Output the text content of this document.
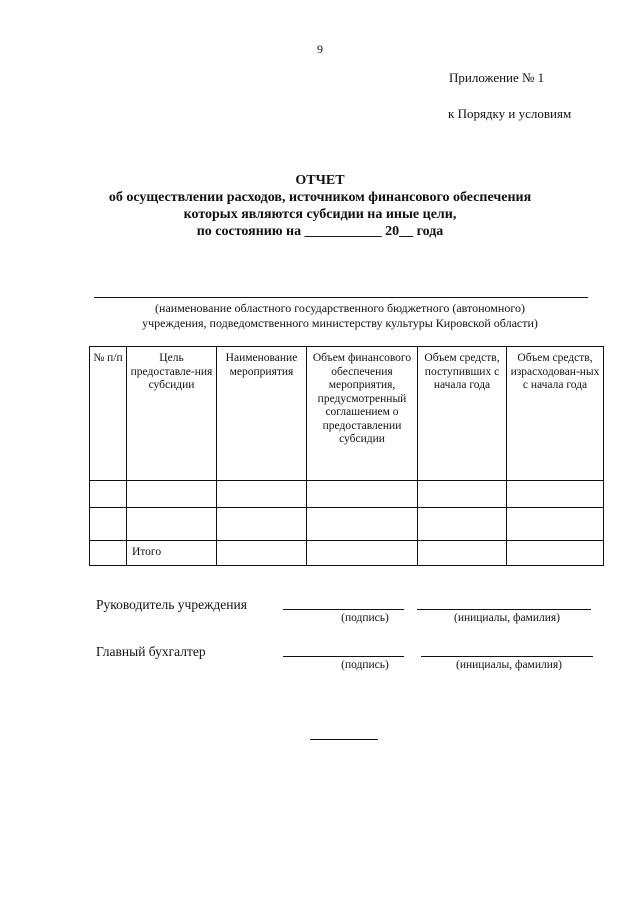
9
Приложение № 1
к Порядку и условиям
ОТЧЕТ
об осуществлении расходов, источником финансового обеспечения
которых являются субсидии на иные цели,
по состоянию на ___________ 20__ года
(наименование областного государственного бюджетного (автономного)
учреждения, подведомственного министерству культуры Кировской области)
№ п/п	Цель предоставле-ния субсидии	Наименование мероприятия	Объем финансового обеспечения мероприятия, предусмотренный соглашением о предоставлении субсидии	Объем средств, поступивших с начала года	Объем средств, израсходован-ных с начала года

	Итого				
Руководитель учреждения
(подпись)	(инициалы, фамилия)
Главный бухгалтер
(подпись)	(инициалы, фамилия)
